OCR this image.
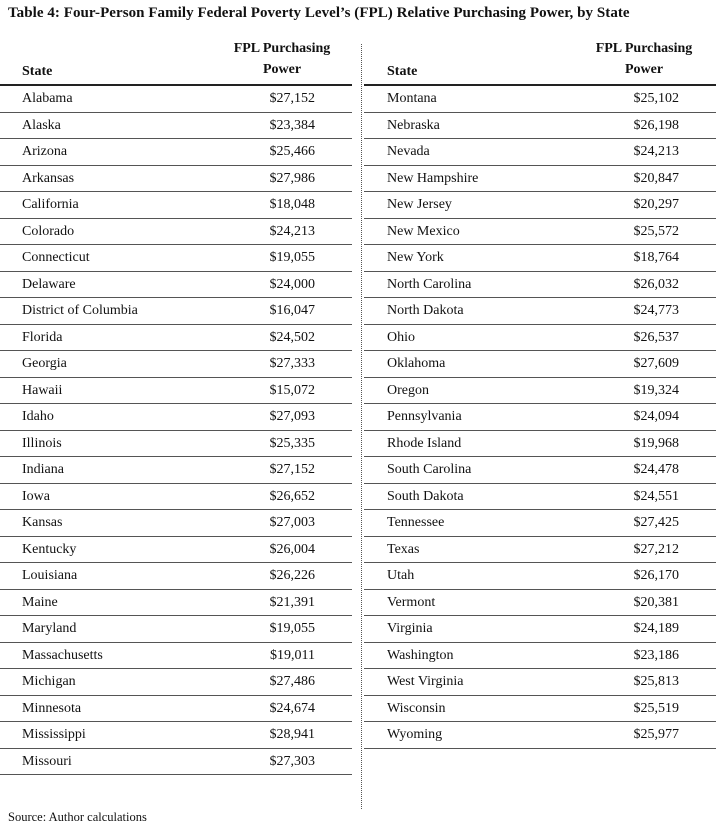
Table 4: Four-Person Family Federal Poverty Level’s (FPL) Relative Purchasing Power, by State
State
FPL Purchasing
Power
Alabama	$27,152
Alaska	$23,384
Arizona	$25,466
Arkansas	$27,986
California	$18,048
Colorado	$24,213
Connecticut	$19,055
Delaware	$24,000
District of Columbia	$16,047
Florida	$24,502
Georgia	$27,333
Hawaii	$15,072
Idaho	$27,093
Illinois	$25,335
Indiana	$27,152
Iowa	$26,652
Kansas	$27,003
Kentucky	$26,004
Louisiana	$26,226
Maine	$21,391
Maryland	$19,055
Massachusetts	$19,011
Michigan	$27,486
Minnesota	$24,674
Mississippi	$28,941
Missouri	$27,303
State
FPL Purchasing
Power
Montana	$25,102
Nebraska	$26,198
Nevada	$24,213
New Hampshire	$20,847
New Jersey	$20,297
New Mexico	$25,572
New York	$18,764
North Carolina	$26,032
North Dakota	$24,773
Ohio	$26,537
Oklahoma	$27,609
Oregon	$19,324
Pennsylvania	$24,094
Rhode Island	$19,968
South Carolina	$24,478
South Dakota	$24,551
Tennessee	$27,425
Texas	$27,212
Utah	$26,170
Vermont	$20,381
Virginia	$24,189
Washington	$23,186
West Virginia	$25,813
Wisconsin	$25,519
Wyoming	$25,977
Source: Author calculations
